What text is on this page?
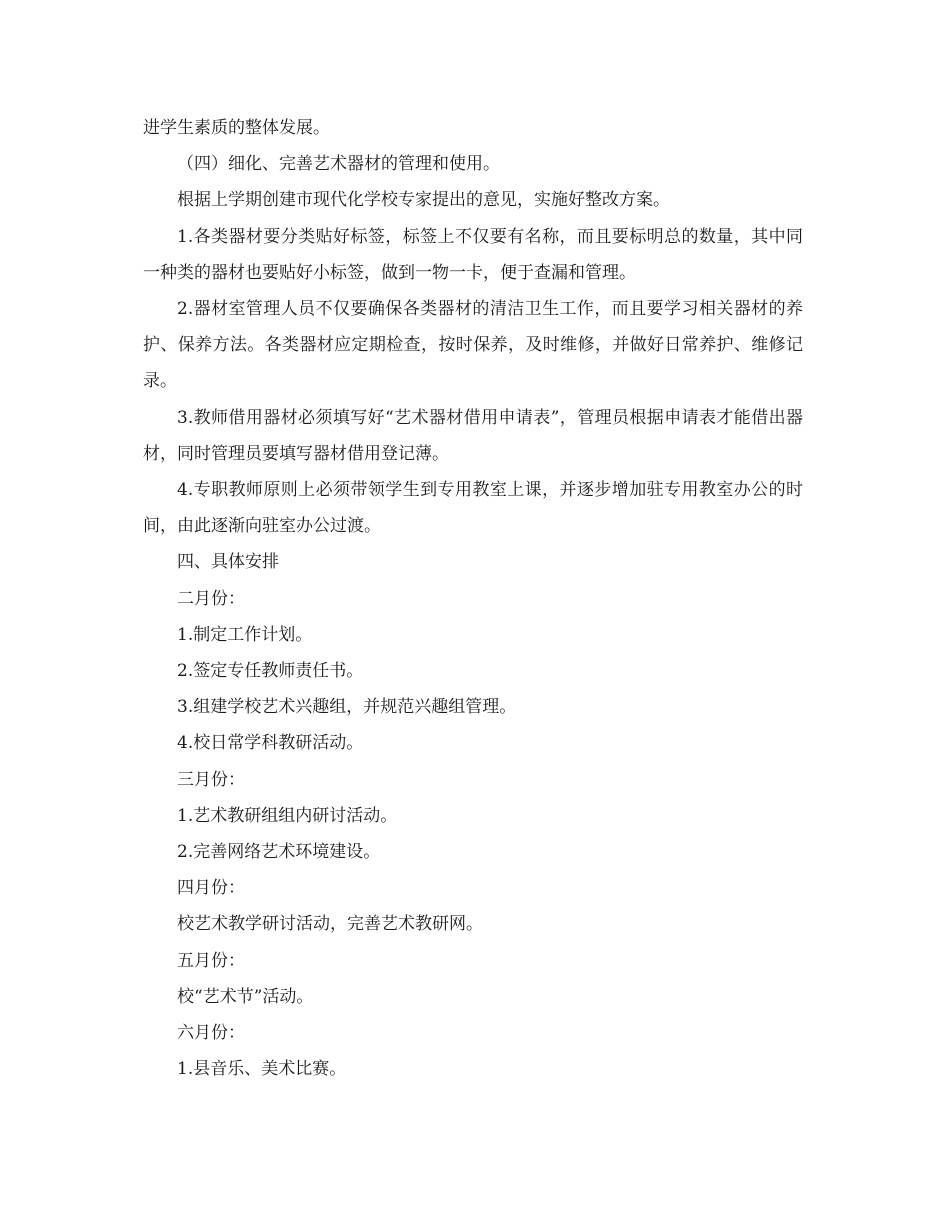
进学生素质的整体发展。

（四）细化、完善艺术器材的管理和使用。

根据上学期创建市现代化学校专家提出的意见，实施好整改方案。

1.各类器材要分类贴好标签，标签上不仅要有名称，而且要标明总的数量，其中同一种类的器材也要贴好小标签，做到一物一卡，便于查漏和管理。

2.器材室管理人员不仅要确保各类器材的清洁卫生工作，而且要学习相关器材的养护、保养方法。各类器材应定期检查，按时保养，及时维修，并做好日常养护、维修记录。

3.教师借用器材必须填写好“艺术器材借用申请表”，管理员根据申请表才能借出器材，同时管理员要填写器材借用登记薄。

4.专职教师原则上必须带领学生到专用教室上课，并逐步增加驻专用教室办公的时间，由此逐渐向驻室办公过渡。

四、具体安排

二月份：

1.制定工作计划。

2.签定专任教师责任书。

3.组建学校艺术兴趣组，并规范兴趣组管理。

4.校日常学科教研活动。

三月份：

1.艺术教研组组内研讨活动。

2.完善网络艺术环境建设。

四月份：

校艺术教学研讨活动，完善艺术教研网。

五月份：

校“艺术节”活动。

六月份：

1.县音乐、美术比赛。
